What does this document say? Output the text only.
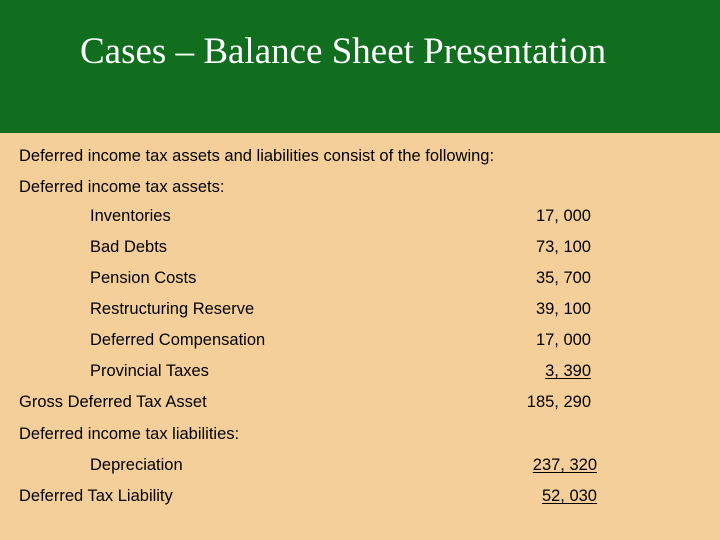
Cases – Balance Sheet Presentation
Deferred income tax assets and liabilities consist of the following:
Deferred income tax assets:
Inventories	17, 000
Bad Debts	73, 100
Pension Costs	35, 700
Restructuring Reserve	39, 100
Deferred Compensation	17, 000
Provincial Taxes	3, 390
Gross Deferred Tax Asset	185, 290
Deferred income tax liabilities:
Depreciation	237, 320
Deferred Tax Liability	52, 030
